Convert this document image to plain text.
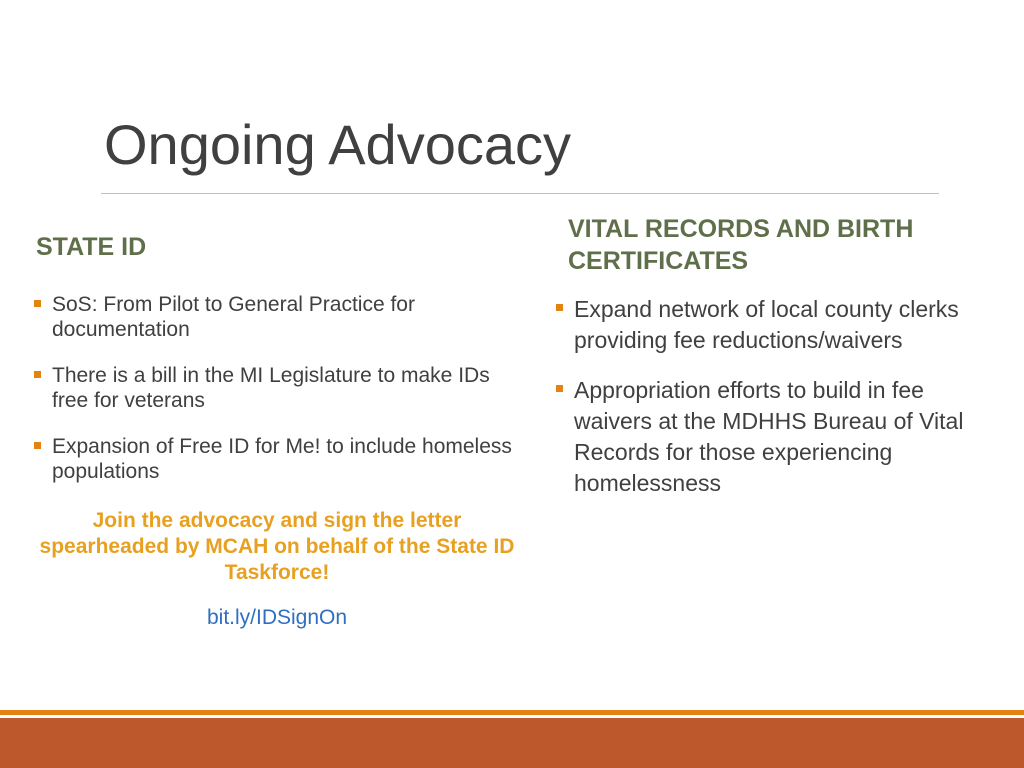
Ongoing Advocacy
STATE ID
SoS: From Pilot to General Practice for documentation
There is a bill in the MI Legislature to make IDs free for veterans
Expansion of Free ID for Me! to include homeless populations
Join the advocacy and sign the letter spearheaded by MCAH on behalf of the State ID Taskforce!
bit.ly/IDSignOn
VITAL RECORDS AND BIRTH CERTIFICATES
Expand network of local county clerks providing fee reductions/waivers
Appropriation efforts to build in fee waivers at the MDHHS Bureau of Vital Records for those experiencing homelessness
